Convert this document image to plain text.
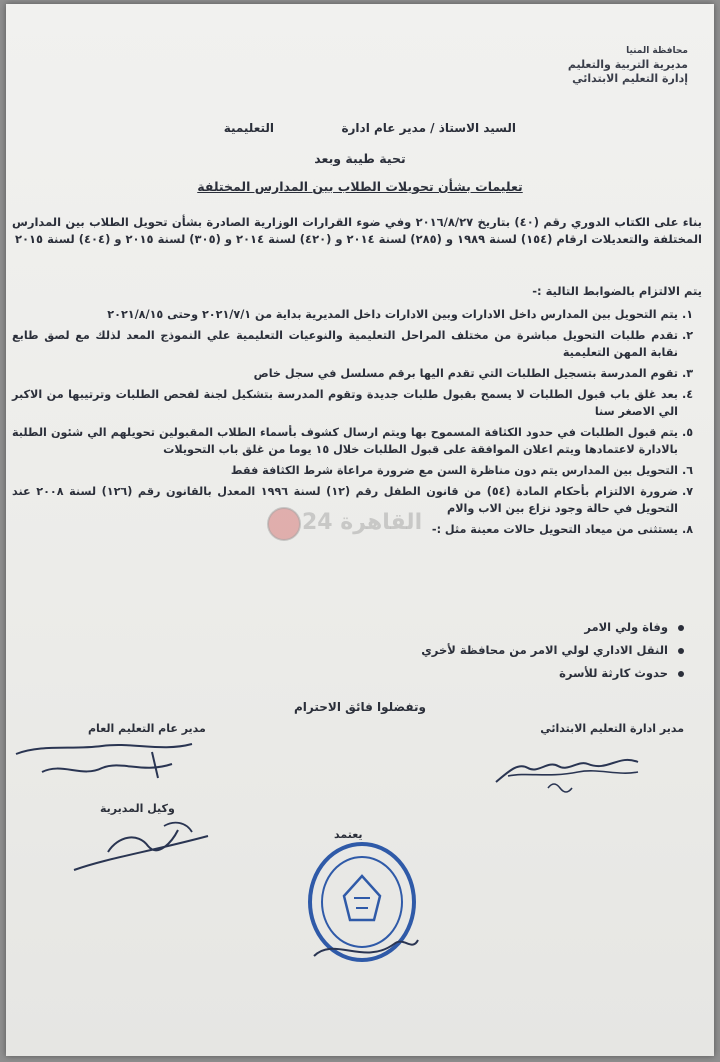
محافظة المنيا
مديرية التربية والتعليم
إدارة التعليم الابتدائي
السيد الاستاذ / مدير عام ادارة
التعليمية
تحية طيبة وبعد
تعليمات بشأن تحويلات الطلاب بين المدارس المختلفة
بناء على الكتاب الدوري رقم (٤٠) بتاريخ ٢٠١٦/٨/٢٧ وفي ضوء القرارات الوزارية الصادرة بشأن تحويل الطلاب بين المدارس المختلفة والتعديلات ارقام (١٥٤) لسنة ١٩٨٩ و (٢٨٥) لسنة ٢٠١٤ و (٤٢٠) لسنة ٢٠١٤ و (٣٠٥) لسنة ٢٠١٥ و (٤٠٤) لسنة ٢٠١٥
يتم الالتزام بالضوابط التالية :-
١.
يتم التحويل بين المدارس داخل الادارات وبين الادارات داخل المديرية بداية من ٢٠٢١/٧/١ وحتى ٢٠٢١/٨/١٥
٢.
تقدم طلبات التحويل مباشرة من مختلف المراحل التعليمية والنوعيات التعليمية علي النموذج المعد لذلك مع لصق طابع نقابة المهن التعليمية
٣.
تقوم المدرسة بتسجيل الطلبات التي تقدم اليها برقم مسلسل في سجل خاص
٤.
بعد غلق باب قبول الطلبات لا يسمح بقبول طلبات جديدة وتقوم المدرسة بتشكيل لجنة لفحص الطلبات وترتيبها من الاكبر الي الاصغر سنا
٥.
يتم قبول الطلبات في حدود الكثافة المسموح بها ويتم ارسال كشوف بأسماء الطلاب المقبولين تحويلهم الي شئون الطلبة بالادارة لاعتمادها ويتم اعلان الموافقة على قبول الطلبات خلال ١٥ يوما من غلق باب التحويلات
٦.
التحويل بين المدارس يتم دون مناظرة السن مع ضرورة مراعاة شرط الكثافة فقط
٧.
ضرورة الالتزام بأحكام المادة (٥٤) من قانون الطفل رقم (١٢) لسنة ١٩٩٦ المعدل بالقانون رقم (١٢٦) لسنة ٢٠٠٨ عند التحويل في حالة وجود نزاع بين الاب والام
٨.
يستثنى من ميعاد التحويل حالات معينة مثل :-
وفاة ولي الامر
النقل الاداري لولي الامر من محافظة لأخري
حدوث كارثة للأسرة
وتفضلوا فائق الاحترام
مدير ادارة التعليم الابتدائي
مدير عام التعليم العام
وكيل المديرية
يعتمد
القاهرة 24
